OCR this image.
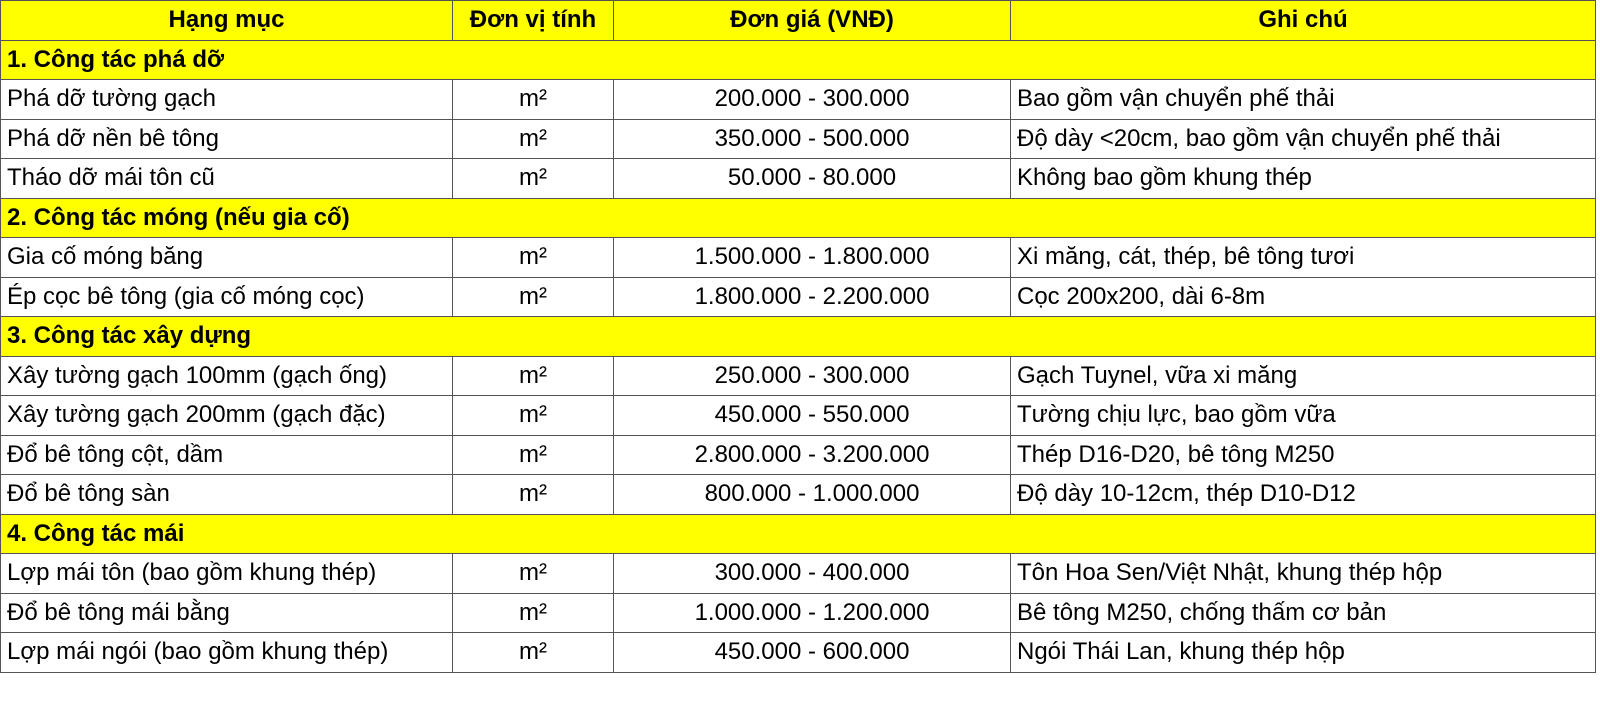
Hạng mục	Đơn vị tính	Đơn giá (VNĐ)	Ghi chú
1. Công tác phá dỡ			
Phá dỡ tường gạch	m²	200.000 - 300.000	Bao gồm vận chuyển phế thải
Phá dỡ nền bê tông	m²	350.000 - 500.000	Độ dày <20cm, bao gồm vận chuyển phế thải
Tháo dỡ mái tôn cũ	m²	50.000 - 80.000	Không bao gồm khung thép
2. Công tác móng (nếu gia cố)			
Gia cố móng băng	m²	1.500.000 - 1.800.000	Xi măng, cát, thép, bê tông tươi
Ép cọc bê tông (gia cố móng cọc)	m²	1.800.000 - 2.200.000	Cọc 200x200, dài 6-8m
3. Công tác xây dựng			
Xây tường gạch 100mm (gạch ống)	m²	250.000 - 300.000	Gạch Tuynel, vữa xi măng
Xây tường gạch 200mm (gạch đặc)	m²	450.000 - 550.000	Tường chịu lực, bao gồm vữa
Đổ bê tông cột, dầm	m²	2.800.000 - 3.200.000	Thép D16-D20, bê tông M250
Đổ bê tông sàn	m²	800.000 - 1.000.000	Độ dày 10-12cm, thép D10-D12
4. Công tác mái			
Lợp mái tôn (bao gồm khung thép)	m²	300.000 - 400.000	Tôn Hoa Sen/Việt Nhật, khung thép hộp
Đổ bê tông mái bằng	m²	1.000.000 - 1.200.000	Bê tông M250, chống thấm cơ bản
Lợp mái ngói (bao gồm khung thép)	m²	450.000 - 600.000	Ngói Thái Lan, khung thép hộp
